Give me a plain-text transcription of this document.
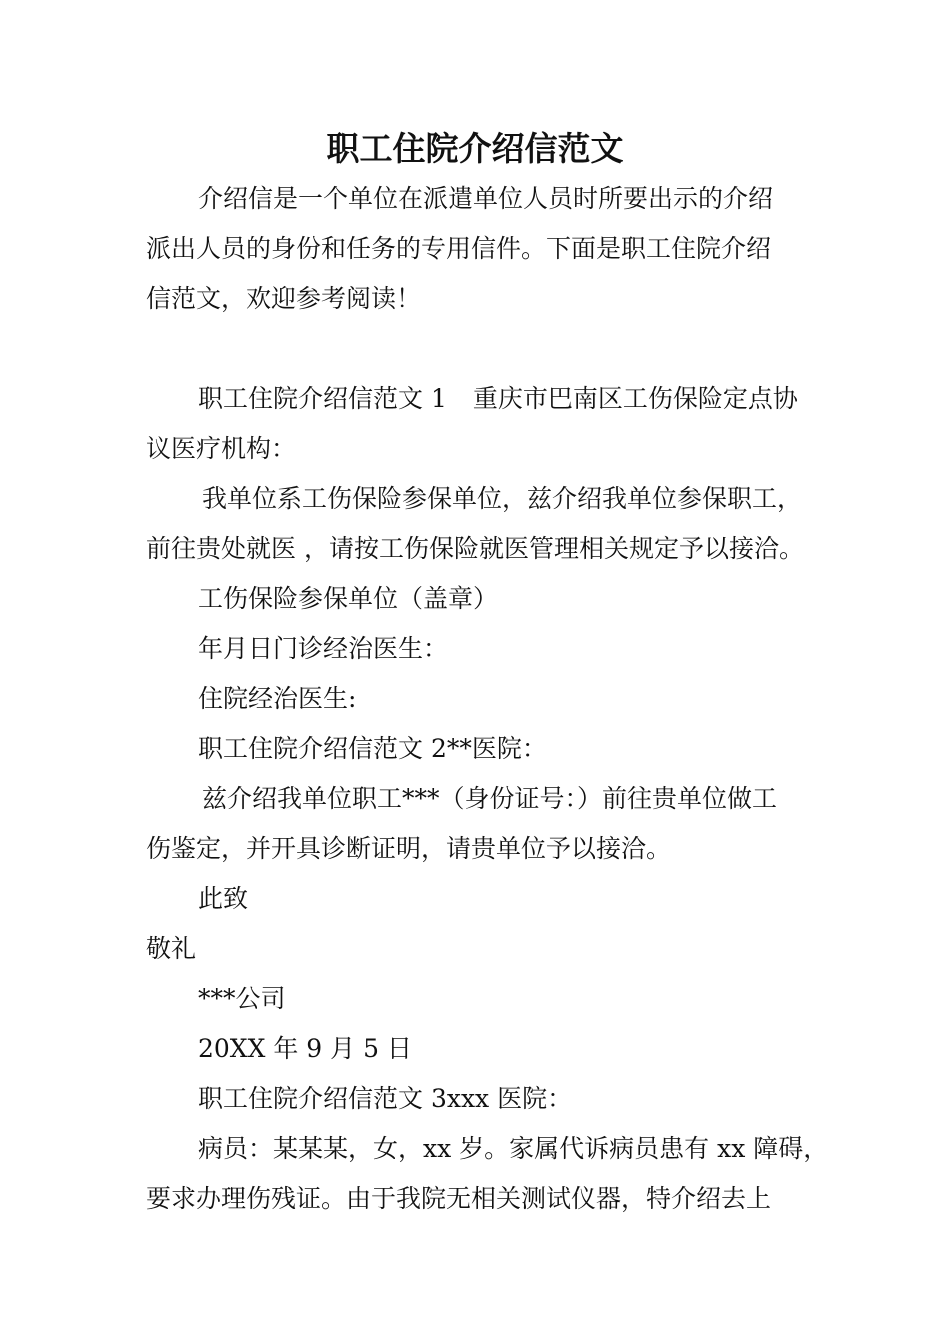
职工住院介绍信范文

介绍信是一个单位在派遣单位人员时所要出示的介绍

派出人员的身份和任务的专用信件。下面是职工住院介绍

信范文，欢迎参考阅读！

职工住院介绍信范文 1 重庆市巴南区工伤保险定点协

议医疗机构：

我单位系工伤保险参保单位，兹介绍我单位参保职工，

前往贵处就医 ，请按工伤保险就医管理相关规定予以接洽。

工伤保险参保单位（盖章）

年月日门诊经治医生：

住院经治医生:

职工住院介绍信范文 2**医院：

兹介绍我单位职工***（身份证号：）前往贵单位做工

伤鉴定，并开具诊断证明，请贵单位予以接洽。

此致

敬礼

***公司

20XX 年 9 月 5 日

职工住院介绍信范文 3xxx 医院：

病员：某某某，女，xx 岁。家属代诉病员患有 xx 障碍，

要求办理伤残证。由于我院无相关测试仪器，特介绍去上
